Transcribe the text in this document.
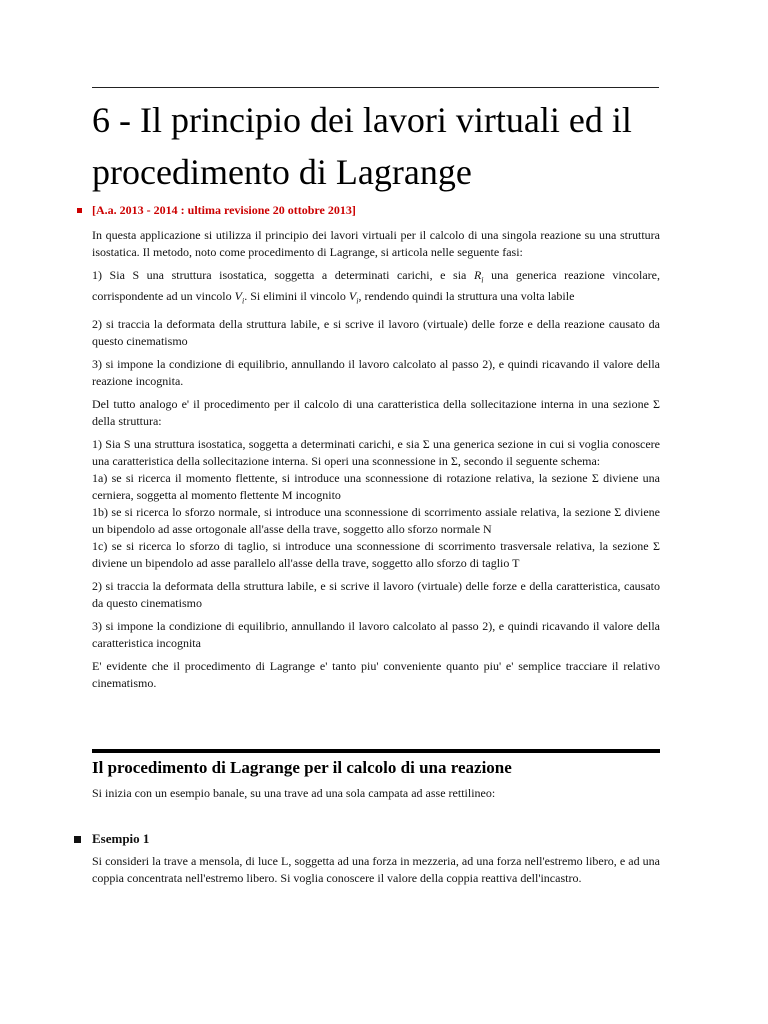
6 - Il principio dei lavori virtuali ed il procedimento di Lagrange

[A.a. 2013 - 2014 : ultima revisione 20 ottobre 2013]

In questa applicazione si utilizza il principio dei lavori virtuali per il calcolo di una singola reazione su una struttura isostatica. Il metodo, noto come procedimento di Lagrange, si articola nelle seguente fasi:

1) Sia S una struttura isostatica, soggetta a determinati carichi, e sia $R_i$ una generica reazione vincolare, corrispondente ad un vincolo $V_i$. Si elimini il vincolo $V_i$, rendendo quindi la struttura una volta labile

2) si traccia la deformata della struttura labile, e si scrive il lavoro (virtuale) delle forze e della reazione causato da questo cinematismo

3) si impone la condizione di equilibrio, annullando il lavoro calcolato al passo 2), e quindi ricavando il valore della reazione incognita.

Del tutto analogo e' il procedimento per il calcolo di una caratteristica della sollecitazione interna in una sezione Σ della struttura:

1) Sia S una struttura isostatica, soggetta a determinati carichi, e sia Σ una generica sezione in cui si voglia conoscere una caratteristica della sollecitazione interna. Si operi una sconnessione in Σ, secondo il seguente schema:
1a) se si ricerca il momento flettente, si introduce una sconnessione di rotazione relativa, la sezione Σ diviene una cerniera, soggetta al momento flettente M incognito
1b) se si ricerca lo sforzo normale, si introduce una sconnessione di scorrimento assiale relativa, la sezione Σ diviene un bipendolo ad asse ortogonale all'asse della trave, soggetto allo sforzo normale N
1c) se si ricerca lo sforzo di taglio, si introduce una sconnessione di scorrimento trasversale relativa, la sezione Σ diviene un bipendolo ad asse parallelo all'asse della trave, soggetto allo sforzo di taglio T

2) si traccia la deformata della struttura labile, e si scrive il lavoro (virtuale) delle forze e della caratteristica, causato da questo cinematismo

3) si impone la condizione di equilibrio, annullando il lavoro calcolato al passo 2), e quindi ricavando il valore della caratteristica incognita

E' evidente che il procedimento di Lagrange e' tanto piu' conveniente quanto piu' e' semplice tracciare il relativo cinematismo.

Il procedimento di Lagrange per il calcolo di una reazione

Si inizia con un esempio banale, su una trave ad una sola campata ad asse rettilineo:

Esempio 1

Si consideri la trave a mensola, di luce L, soggetta ad una forza in mezzeria, ad una forza nell'estremo libero, e ad una coppia concentrata nell'estremo libero. Si voglia conoscere il valore della coppia reattiva dell'incastro.
